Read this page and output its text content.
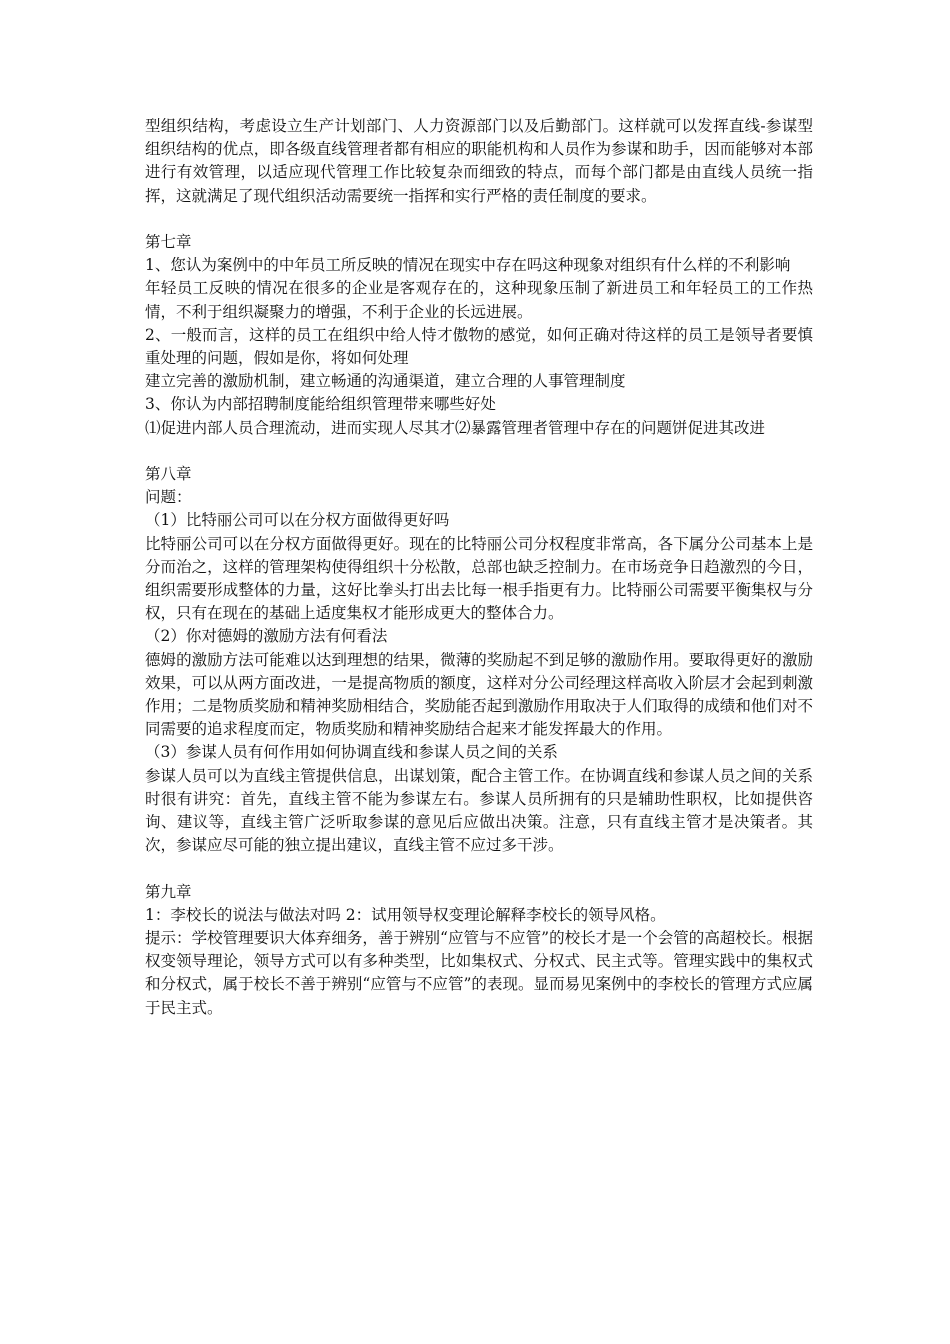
型组织结构，考虑设立生产计划部门、人力资源部门以及后勤部门。这样就可以发挥直线-参谋型组织结构的优点，即各级直线管理者都有相应的职能机构和人员作为参谋和助手，因而能够对本部进行有效管理，以适应现代管理工作比较复杂而细致的特点，而每个部门都是由直线人员统一指挥，这就满足了现代组织活动需要统一指挥和实行严格的责任制度的要求。

第七章

1、您认为案例中的中年员工所反映的情况在现实中存在吗这种现象对组织有什么样的不利影响

年轻员工反映的情况在很多的企业是客观存在的，这种现象压制了新进员工和年轻员工的工作热情，不利于组织凝聚力的增强，不利于企业的长远进展。

2、一般而言，这样的员工在组织中给人恃才傲物的感觉，如何正确对待这样的员工是领导者要慎重处理的问题，假如是你，将如何处理

建立完善的激励机制，建立畅通的沟通渠道，建立合理的人事管理制度

3、你认为内部招聘制度能给组织管理带来哪些好处

⑴促进内部人员合理流动，进而实现人尽其才⑵暴露管理者管理中存在的问题饼促进其改进

第八章

问题：

（1）比特丽公司可以在分权方面做得更好吗

比特丽公司可以在分权方面做得更好。现在的比特丽公司分权程度非常高，各下属分公司基本上是分而治之，这样的管理架构使得组织十分松散，总部也缺乏控制力。在市场竞争日趋激烈的今日，组织需要形成整体的力量，这好比拳头打出去比每一根手指更有力。比特丽公司需要平衡集权与分权，只有在现在的基础上适度集权才能形成更大的整体合力。

（2）你对德姆的激励方法有何看法

德姆的激励方法可能难以达到理想的结果，微薄的奖励起不到足够的激励作用。要取得更好的激励效果，可以从两方面改进，一是提高物质的额度，这样对分公司经理这样高收入阶层才会起到刺激作用；二是物质奖励和精神奖励相结合，奖励能否起到激励作用取决于人们取得的成绩和他们对不同需要的追求程度而定，物质奖励和精神奖励结合起来才能发挥最大的作用。

（3）参谋人员有何作用如何协调直线和参谋人员之间的关系

参谋人员可以为直线主管提供信息，出谋划策，配合主管工作。在协调直线和参谋人员之间的关系时很有讲究：首先，直线主管不能为参谋左右。参谋人员所拥有的只是辅助性职权，比如提供咨询、建议等，直线主管广泛听取参谋的意见后应做出决策。注意，只有直线主管才是决策者。其次，参谋应尽可能的独立提出建议，直线主管不应过多干涉。

第九章

1：李校长的说法与做法对吗 2：试用领导权变理论解释李校长的领导风格。

提示：学校管理要识大体弃细务，善于辨别“应管与不应管”的校长才是一个会管的高超校长。根据权变领导理论，领导方式可以有多种类型，比如集权式、分权式、民主式等。管理实践中的集权式和分权式，属于校长不善于辨别“应管与不应管”的表现。显而易见案例中的李校长的管理方式应属于民主式。
